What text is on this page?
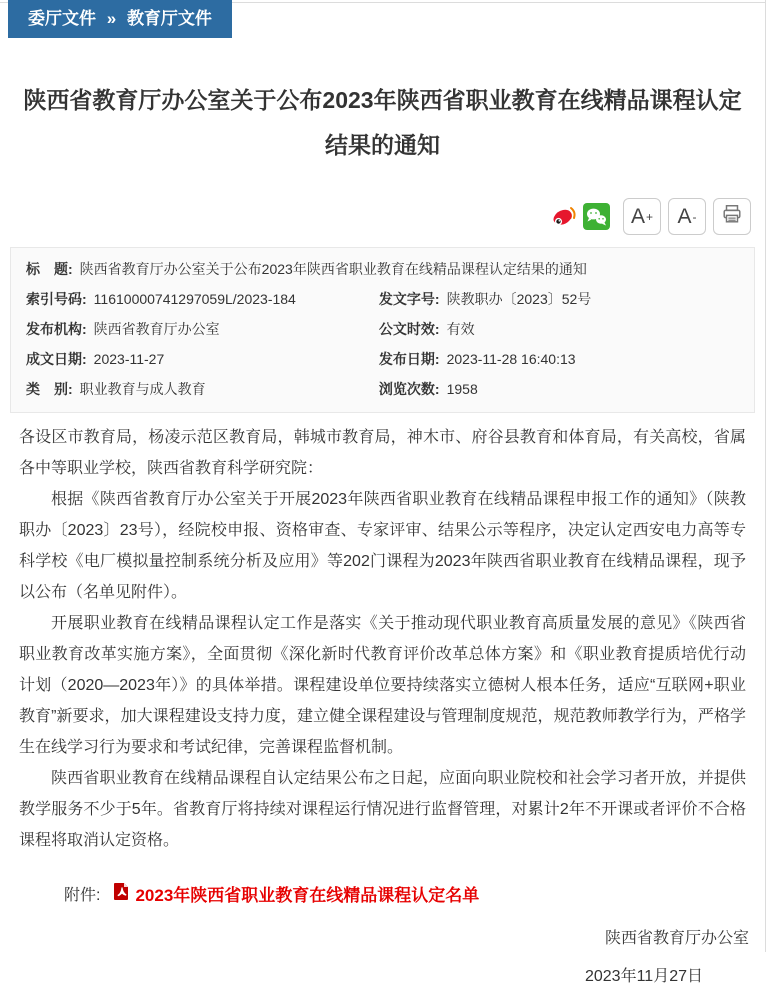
委厅文件 » 教育厅文件
陕西省教育厅办公室关于公布2023年陕西省职业教育在线精品课程认定结果的通知
A + A -
标　题: 陕西省教育厅办公室关于公布2023年陕西省职业教育在线精品课程认定结果的通知
索引号码: 11610000741297059L/2023-184	发文字号: 陕教职办〔2023〕52号
发布机构: 陕西省教育厅办公室	公文时效: 有效
成文日期: 2023-11-27	发布日期: 2023-11-28 16:40:13
类　别: 职业教育与成人教育	浏览次数: 1958

各设区市教育局，杨凌示范区教育局，韩城市教育局，神木市、府谷县教育和体育局，有关高校，省属各中等职业学校，陕西省教育科学研究院：

根据《陕西省教育厅办公室关于开展2023年陕西省职业教育在线精品课程申报工作的通知》（陕教职办〔2023〕23号），经院校申报、资格审查、专家评审、结果公示等程序，决定认定西安电力高等专科学校《电厂模拟量控制系统分析及应用》等202门课程为2023年陕西省职业教育在线精品课程，现予以公布（名单见附件）。

开展职业教育在线精品课程认定工作是落实《关于推动现代职业教育高质量发展的意见》《陕西省职业教育改革实施方案》，全面贯彻《深化新时代教育评价改革总体方案》和《职业教育提质培优行动计划（2020—2023年）》的具体举措。课程建设单位要持续落实立德树人根本任务，适应“互联网+职业教育”新要求，加大课程建设支持力度，建立健全课程建设与管理制度规范，规范教师教学行为，严格学生在线学习行为要求和考试纪律，完善课程监督机制。

陕西省职业教育在线精品课程自认定结果公布之日起，应面向职业院校和社会学习者开放，并提供教学服务不少于5年。省教育厅将持续对课程运行情况进行监督管理，对累计2年不开课或者评价不合格课程将取消认定资格。

附件: 2023年陕西省职业教育在线精品课程认定名单
陕西省教育厅办公室
2023年11月27日
